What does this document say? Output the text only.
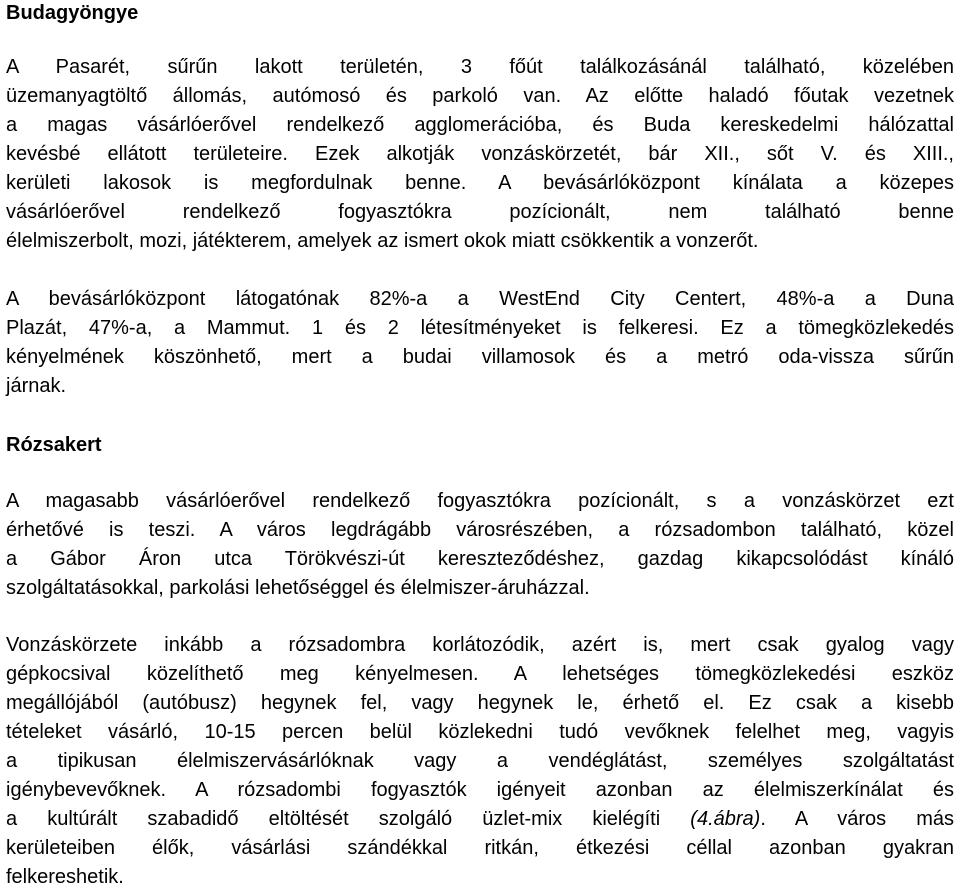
Budagyöngye

A Pasarét, sűrűn lakott területén, 3 főút találkozásánál található, közelében
üzemanyagtöltő állomás, autómosó és parkoló van. Az előtte haladó főutak vezetnek
a magas vásárlóerővel rendelkező agglomerációba, és Buda kereskedelmi hálózattal
kevésbé ellátott területeire. Ezek alkotják vonzáskörzetét, bár XII., sőt V. és XIII.,
kerületi lakosok is megfordulnak benne. A bevásárlóközpont kínálata a közepes
vásárlóerővel rendelkező fogyasztókra pozícionált, nem található benne
élelmiszerbolt, mozi, játékterem, amelyek az ismert okok miatt csökkentik a vonzerőt.

A bevásárlóközpont látogatónak 82%-a a WestEnd City Centert, 48%-a a Duna
Plazát, 47%-a, a Mammut. 1 és 2 létesítményeket is felkeresi. Ez a tömegközlekedés
kényelmének köszönhető, mert a budai villamosok és a metró oda-vissza sűrűn
járnak.

Rózsakert

A magasabb vásárlóerővel rendelkező fogyasztókra pozícionált, s a vonzáskörzet ezt
érhetővé is teszi. A város legdrágább városrészében, a rózsadombon található, közel
a Gábor Áron utca Törökvészi-út kereszteződéshez, gazdag kikapcsolódást kínáló
szolgáltatásokkal, parkolási lehetőséggel és élelmiszer-áruházzal.

Vonzáskörzete inkább a rózsadombra korlátozódik, azért is, mert csak gyalog vagy
gépkocsival közelíthető meg kényelmesen. A lehetséges tömegközlekedési eszköz
megállójából (autóbusz) hegynek fel, vagy hegynek le, érhető el. Ez csak a kisebb
tételeket vásárló, 10-15 percen belül közlekedni tudó vevőknek felelhet meg, vagyis
a tipikusan élelmiszervásárlóknak vagy a vendéglátást, személyes szolgáltatást
igénybevevőknek. A rózsadombi fogyasztók igényeit azonban az élelmiszerkínálat és
a kultúrált szabadidő eltöltését szolgáló üzlet-mix kielégíti (4.ábra). A város más
kerületeiben élők, vásárlási szándékkal ritkán, étkezési céllal azonban gyakran
felkereshetik.
